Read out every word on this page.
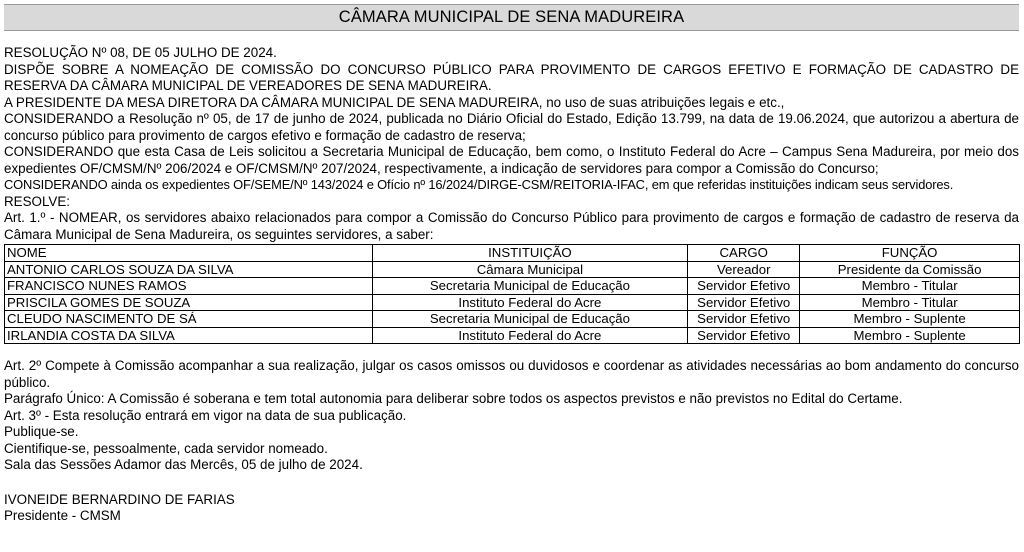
CÂMARA MUNICIPAL DE SENA MADUREIRA

RESOLUÇÃO Nº 08, DE 05 JULHO DE 2024.

DISPÕE SOBRE A NOMEAÇÃO DE COMISSÃO DO CONCURSO PÚBLICO PARA PROVIMENTO DE CARGOS EFETIVO E FORMAÇÃO DE CADASTRO DE RESERVA DA CÂMARA MUNICIPAL DE VEREADORES DE SENA MADUREIRA.

A PRESIDENTE DA MESA DIRETORA DA CÂMARA MUNICIPAL DE SENA MADUREIRA, no uso de suas atribuições legais e etc.,

CONSIDERANDO a Resolução nº 05, de 17 de junho de 2024, publicada no Diário Oficial do Estado, Edição 13.799, na data de 19.06.2024, que autorizou a abertura de concurso público para provimento de cargos efetivo e formação de cadastro de reserva;

CONSIDERANDO que esta Casa de Leis solicitou a Secretaria Municipal de Educação, bem como, o Instituto Federal do Acre – Campus Sena Madureira, por meio dos expedientes OF/CMSM/Nº 206/2024 e OF/CMSM/Nº 207/2024, respectivamente, a indicação de servidores para compor a Comissão do Concurso;

CONSIDERANDO ainda os expedientes OF/SEME/Nº 143/2024 e Ofício nº 16/2024/DIRGE-CSM/REITORIA-IFAC, em que referidas instituições indicam seus servidores.

RESOLVE:

Art. 1.º - NOMEAR, os servidores abaixo relacionados para compor a Comissão do Concurso Público para provimento de cargos e formação de cadastro de reserva da Câmara Municipal de Sena Madureira, os seguintes servidores, a saber:

NOME	INSTITUIÇÃO	CARGO	FUNÇÃO
ANTONIO CARLOS SOUZA DA SILVA	Câmara Municipal	Vereador	Presidente da Comissão
FRANCISCO NUNES RAMOS	Secretaria Municipal de Educação	Servidor Efetivo	Membro - Titular
PRISCILA GOMES DE SOUZA	Instituto Federal do Acre	Servidor Efetivo	Membro - Titular
CLEUDO NASCIMENTO DE SÁ	Secretaria Municipal de Educação	Servidor Efetivo	Membro - Suplente
IRLANDIA COSTA DA SILVA	Instituto Federal do Acre	Servidor Efetivo	Membro - Suplente

Art. 2º Compete à Comissão acompanhar a sua realização, julgar os casos omissos ou duvidosos e coordenar as atividades necessárias ao bom andamento do concurso público.

Parágrafo Único: A Comissão é soberana e tem total autonomia para deliberar sobre todos os aspectos previstos e não previstos no Edital do Certame.

Art. 3º - Esta resolução entrará em vigor na data de sua publicação.

Publique-se.

Cientifique-se, pessoalmente, cada servidor nomeado.

Sala das Sessões Adamor das Mercês, 05 de julho de 2024.

IVONEIDE BERNARDINO DE FARIAS

Presidente - CMSM
